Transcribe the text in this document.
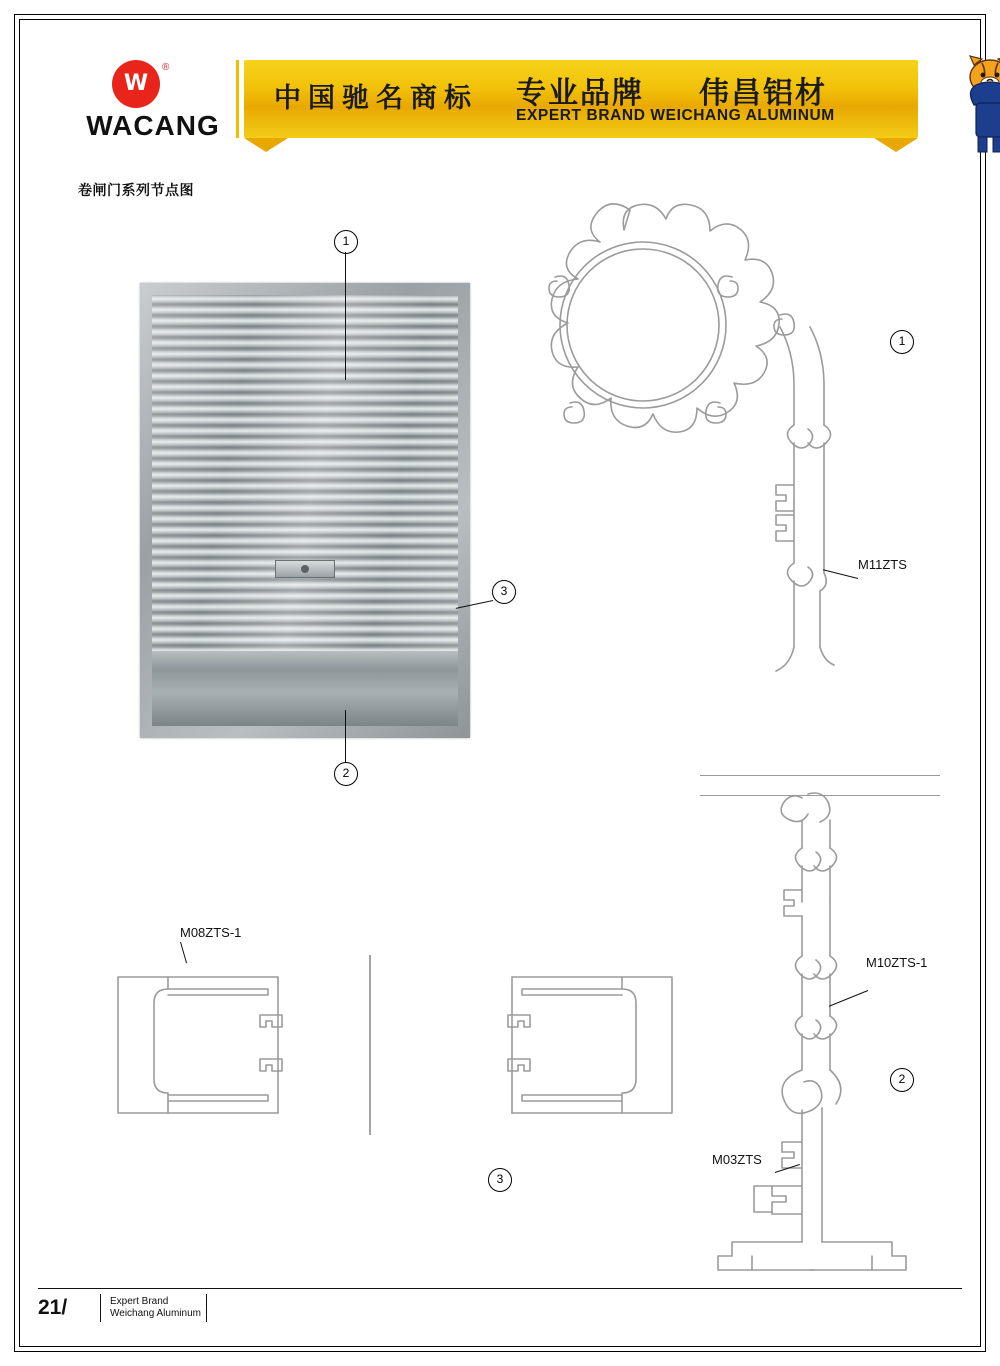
W
®
WACANG
中国驰名商标 专业品牌 伟昌铝材
EXPERT BRAND WEICHANG ALUMINUM
卷闸门系列节点图
1
3
2
1
M11ZTS
M10ZTS-1
2
M03ZTS
M08ZTS-1
3
21/	Expert Brand
Weichang Aluminum
